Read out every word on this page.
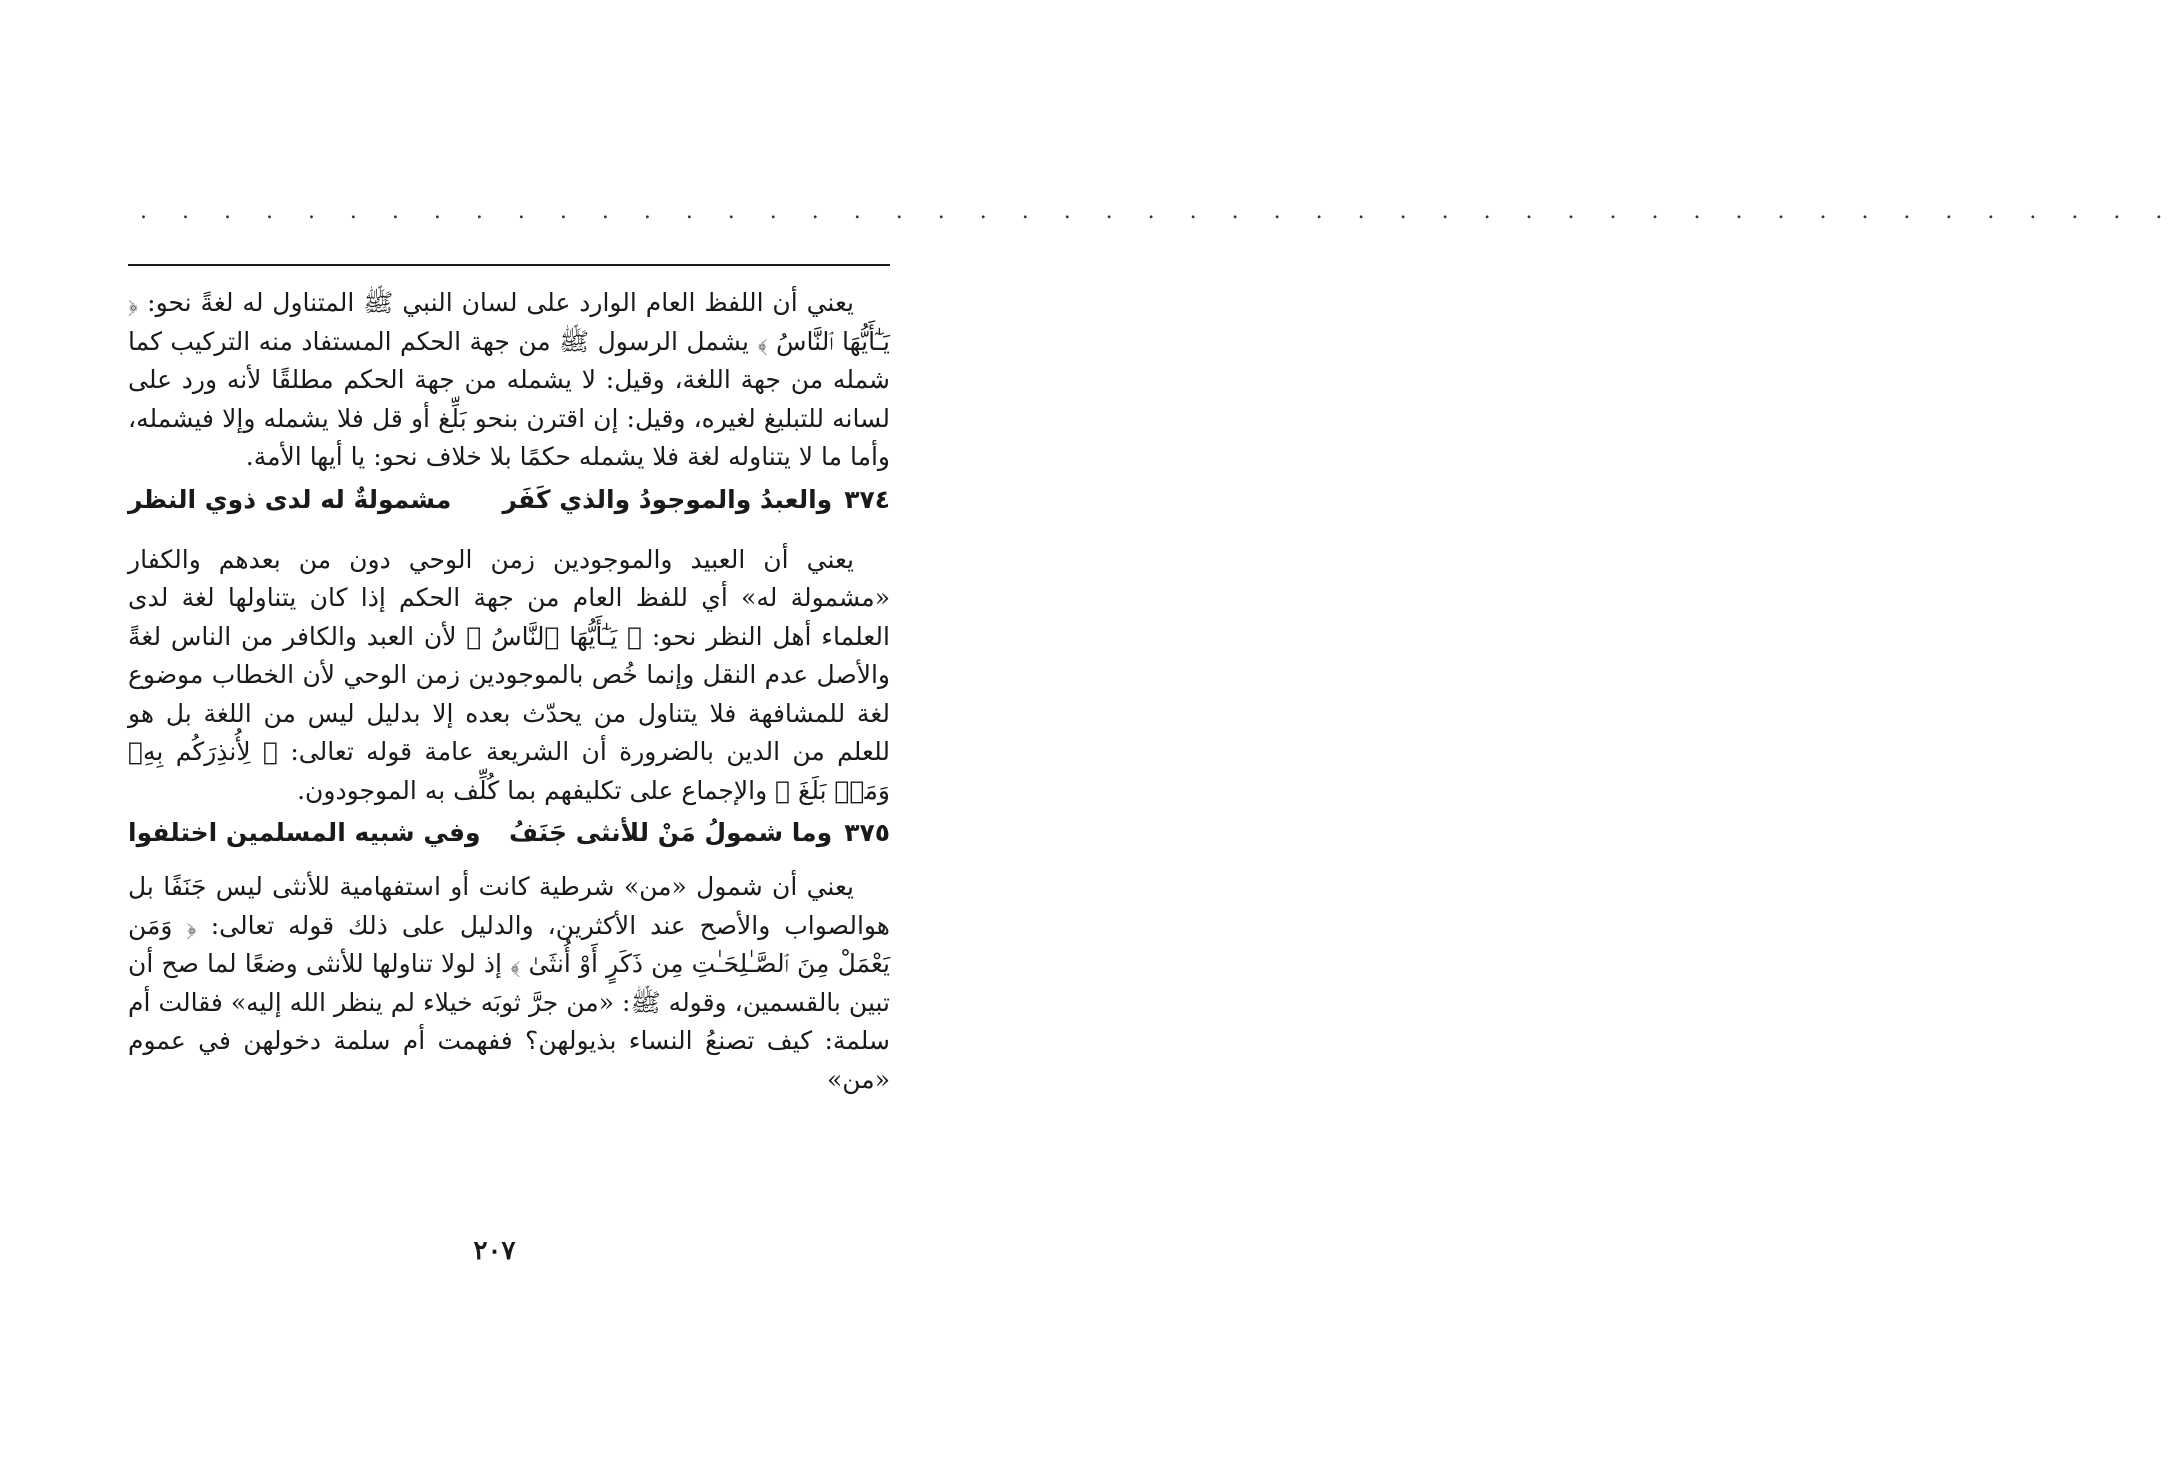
. . . . . . . . . . . . . . . . . . . . . . . . . . . . . . . . . . . . . . . . . . . . . . . . .

يعني أن اللفظ العام الوارد على لسان النبي ﷺ المتناول له لغةً نحو: ﴿ يَـٰٓأَيُّهَا ٱلنَّاسُ ﴾ يشمل الرسول ﷺ من جهة الحكم المستفاد منه التركيب كما شمله من جهة اللغة، وقيل: لا يشمله من جهة الحكم مطلقًا لأنه ورد على لسانه للتبليغ لغيره، وقيل: إن اقترن بنحو بَلِّغ أو قل فلا يشمله وإلا فيشمله، وأما ما لا يتناوله لغة فلا يشمله حكمًا بلا خلاف نحو: يا أيها الأمة.

٣٧٤
والعبدُ والموجودُ والذي كَفَر
مشمولةٌ له لدى ذوي النظر

يعني أن العبيد والموجودين زمن الوحي دون من بعدهم والكفار «مشمولة له» أي للفظ العام من جهة الحكم إذا كان يتناولها لغة لدى العلماء أهل النظر نحو: ﴿ يَـٰٓأَيُّهَا ٱلنَّاسُ ﴾ لأن العبد والكافر من الناس لغةً والأصل عدم النقل وإنما خُص بالموجودين زمن الوحي لأن الخطاب موضوع لغة للمشافهة فلا يتناول من يحدّث بعده إلا بدليل ليس من اللغة بل هو للعلم من الدين بالضرورة أن الشريعة عامة قوله تعالى: ﴿ لِأُنذِرَكُم بِهِۦ وَمَنۢ بَلَغَ ﴾ والإجماع على تكليفهم بما كُلِّف به الموجودون.

٣٧٥
وما شمولُ مَنْ للأنثى جَنَفُ
وفي شبيه المسلمين اختلفوا

يعني أن شمول «من» شرطية كانت أو استفهامية للأنثى ليس جَنَفًا بل هوالصواب والأصح عند الأكثرين، والدليل على ذلك قوله تعالى: ﴿ وَمَن يَعْمَلْ مِنَ ٱلصَّـٰلِحَـٰتِ مِن ذَكَرٍ أَوْ أُنثَىٰ ﴾ إذ لولا تناولها للأنثى وضعًا لما صح أن تبين بالقسمين، وقوله ﷺ: «من جرَّ ثوبَه خيلاء لم ينظر الله إليه» فقالت أم سلمة: كيف تصنعُ النساء بذيولهن؟ ففهمت أم سلمة دخولهن في عموم «من»

٢٠٧
